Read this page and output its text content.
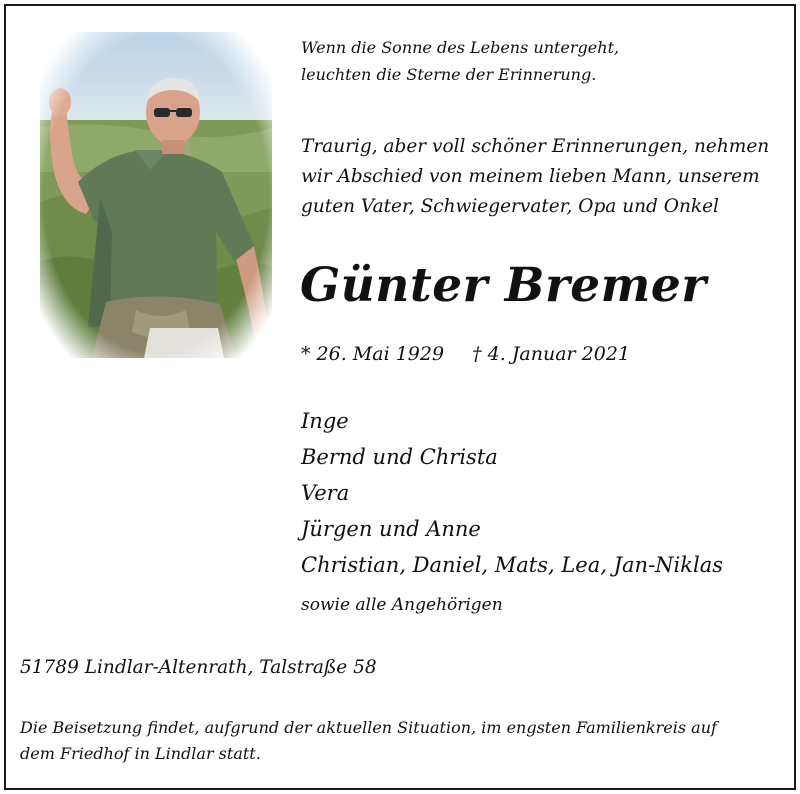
Wenn die Sonne des Lebens untergeht,
leuchten die Sterne der Erinnerung.
Traurig, aber voll schöner Erinnerungen, nehmen
wir Abschied von meinem lieben Mann, unserem
guten Vater, Schwiegervater, Opa und Onkel
Günter Bremer
* 26. Mai 1929 † 4. Januar 2021
Inge
Bernd und Christa
Vera
Jürgen und Anne
Christian, Daniel, Mats, Lea, Jan-Niklas
sowie alle Angehörigen
51789 Lindlar-Altenrath, Talstraße 58
Die Beisetzung findet, aufgrund der aktuellen Situation, im engsten Familienkreis auf
dem Friedhof in Lindlar statt.
